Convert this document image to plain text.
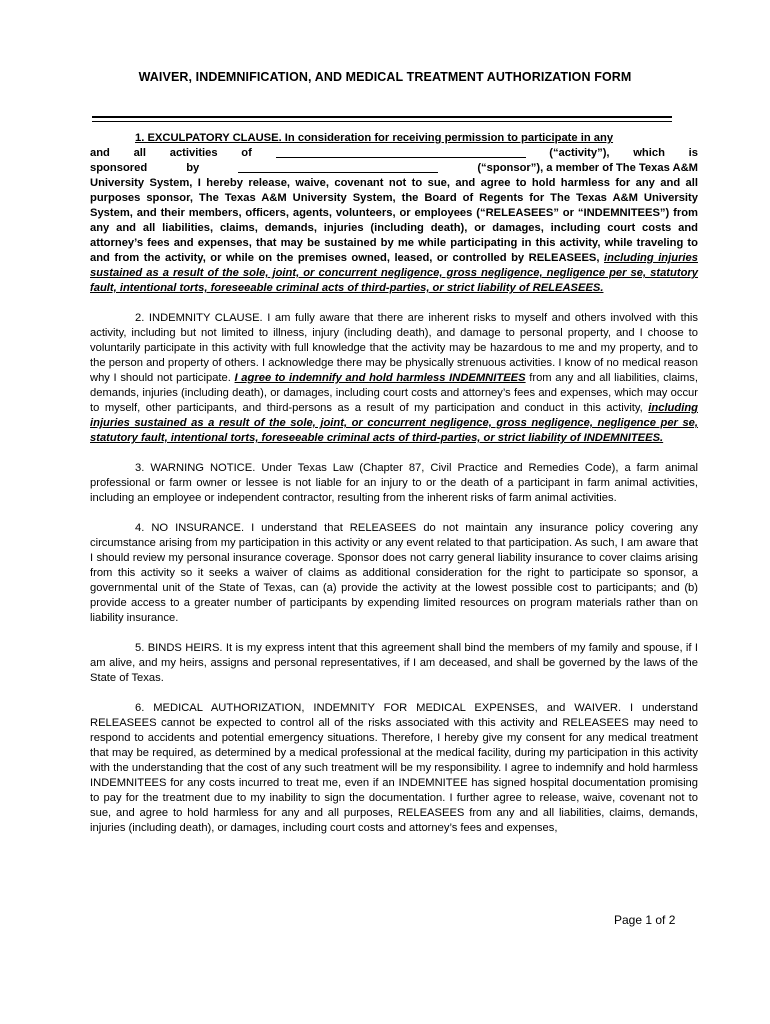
WAIVER, INDEMNIFICATION, AND MEDICAL TREATMENT AUTHORIZATION FORM

1. EXCULPATORY CLAUSE. In consideration for receiving permission to participate in any

and all activities of	(“activity”), which is
sponsored	by	(“sponsor”), a member of The Texas A&M
University System, I hereby release, waive, covenant not to sue, and agree to hold harmless for any and all purposes sponsor, The Texas A&M University System, the Board of Regents for The Texas A&M University System, and their members, officers, agents, volunteers, or employees (“RELEASEES” or “INDEMNITEES”) from any and all liabilities, claims, demands, injuries (including death), or damages, including court costs and attorney’s fees and expenses, that may be sustained by me while participating in this activity, while traveling to and from the activity, or while on the premises owned, leased, or controlled by RELEASEES, including injuries sustained as a result of the sole, joint, or concurrent negligence, gross negligence, negligence per se, statutory fault, intentional torts, foreseeable criminal acts of third-parties, or strict liability of RELEASEES.

2. INDEMNITY CLAUSE. I am fully aware that there are inherent risks to myself and others involved with this activity, including but not limited to illness, injury (including death), and damage to personal property, and I choose to voluntarily participate in this activity with full knowledge that the activity may be hazardous to me and my property, and to the person and property of others. I acknowledge there may be physically strenuous activities. I know of no medical reason why I should not participate. I agree to indemnify and hold harmless INDEMNITEES from any and all liabilities, claims, demands, injuries (including death), or damages, including court costs and attorney’s fees and expenses, which may occur to myself, other participants, and third-persons as a result of my participation and conduct in this activity, including injuries sustained as a result of the sole, joint, or concurrent negligence, gross negligence, negligence per se, statutory fault, intentional torts, foreseeable criminal acts of third-parties, or strict liability of INDEMNITEES.

3. WARNING NOTICE. Under Texas Law (Chapter 87, Civil Practice and Remedies Code), a farm animal professional or farm owner or lessee is not liable for an injury to or the death of a participant in farm animal activities, including an employee or independent contractor, resulting from the inherent risks of farm animal activities.

4. NO INSURANCE. I understand that RELEASEES do not maintain any insurance policy covering any circumstance arising from my participation in this activity or any event related to that participation. As such, I am aware that I should review my personal insurance coverage. Sponsor does not carry general liability insurance to cover claims arising from this activity so it seeks a waiver of claims as additional consideration for the right to participate so sponsor, a governmental unit of the State of Texas, can (a) provide the activity at the lowest possible cost to participants; and (b) provide access to a greater number of participants by expending limited resources on program materials rather than on liability insurance.

5. BINDS HEIRS. It is my express intent that this agreement shall bind the members of my family and spouse, if I am alive, and my heirs, assigns and personal representatives, if I am deceased, and shall be governed by the laws of the State of Texas.

6. MEDICAL AUTHORIZATION, INDEMNITY FOR MEDICAL EXPENSES, and WAIVER. I understand RELEASEES cannot be expected to control all of the risks associated with this activity and RELEASEES may need to respond to accidents and potential emergency situations. Therefore, I hereby give my consent for any medical treatment that may be required, as determined by a medical professional at the medical facility, during my participation in this activity with the understanding that the cost of any such treatment will be my responsibility. I agree to indemnify and hold harmless INDEMNITEES for any costs incurred to treat me, even if an INDEMNITEE has signed hospital documentation promising to pay for the treatment due to my inability to sign the documentation. I further agree to release, waive, covenant not to sue, and agree to hold harmless for any and all purposes, RELEASEES from any and all liabilities, claims, demands, injuries (including death), or damages, including court costs and attorney’s fees and expenses,

Page 1 of 2
